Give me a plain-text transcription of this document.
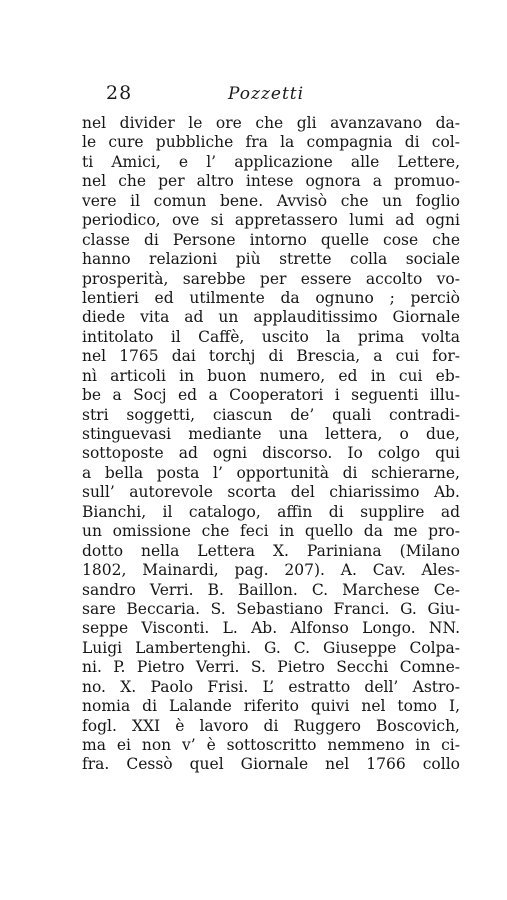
28	Pozzetti
nel divider le ore che gli avanzavano da-
le cure pubbliche fra la compagnia di col-
ti Amici, e l’ applicazione alle Lettere,
nel che per altro intese ognora a promuo-
vere il comun bene. Avvisò che un foglio
periodico, ove si appretassero lumi ad ogni
classe di Persone intorno quelle cose che
hanno relazioni più strette colla sociale
prosperità, sarebbe per essere accolto vo-
lentieri ed utilmente da ognuno ; perciò
diede vita ad un applauditissimo Giornale
intitolato il Caffè, uscito la prima volta
nel 1765 dai torchj di Brescia, a cui for-
nì articoli in buon numero, ed in cui eb-
be a Socj ed a Cooperatori i seguenti illu-
stri soggetti, ciascun de’ quali contradi-
stinguevasi mediante una lettera, o due,
sottoposte ad ogni discorso. Io colgo qui
a bella posta l’ opportunità di schierarne,
sull’ autorevole scorta del chiarissimo Ab.
Bianchi, il catalogo, affin di supplire ad
un omissione che feci in quello da me pro-
dotto nella Lettera X. Pariniana (Milano
1802, Mainardi, pag. 207). A. Cav. Ales-
sandro Verri. B. Baillon. C. Marchese Ce-
sare Beccaria. S. Sebastiano Franci. G. Giu-
seppe Visconti. L. Ab. Alfonso Longo. NN.
Luigi Lambertenghi. G. C. Giuseppe Colpa-
ni. P. Pietro Verri. S. Pietro Secchi Comne-
no. X. Paolo Frisi. L’ estratto dell’ Astro-
nomia di Lalande riferito quivi nel tomo I,
fogl. XXI è lavoro di Ruggero Boscovich,
ma ei non v’ è sottoscritto nemmeno in ci-
fra. Cessò quel Giornale nel 1766 collo
